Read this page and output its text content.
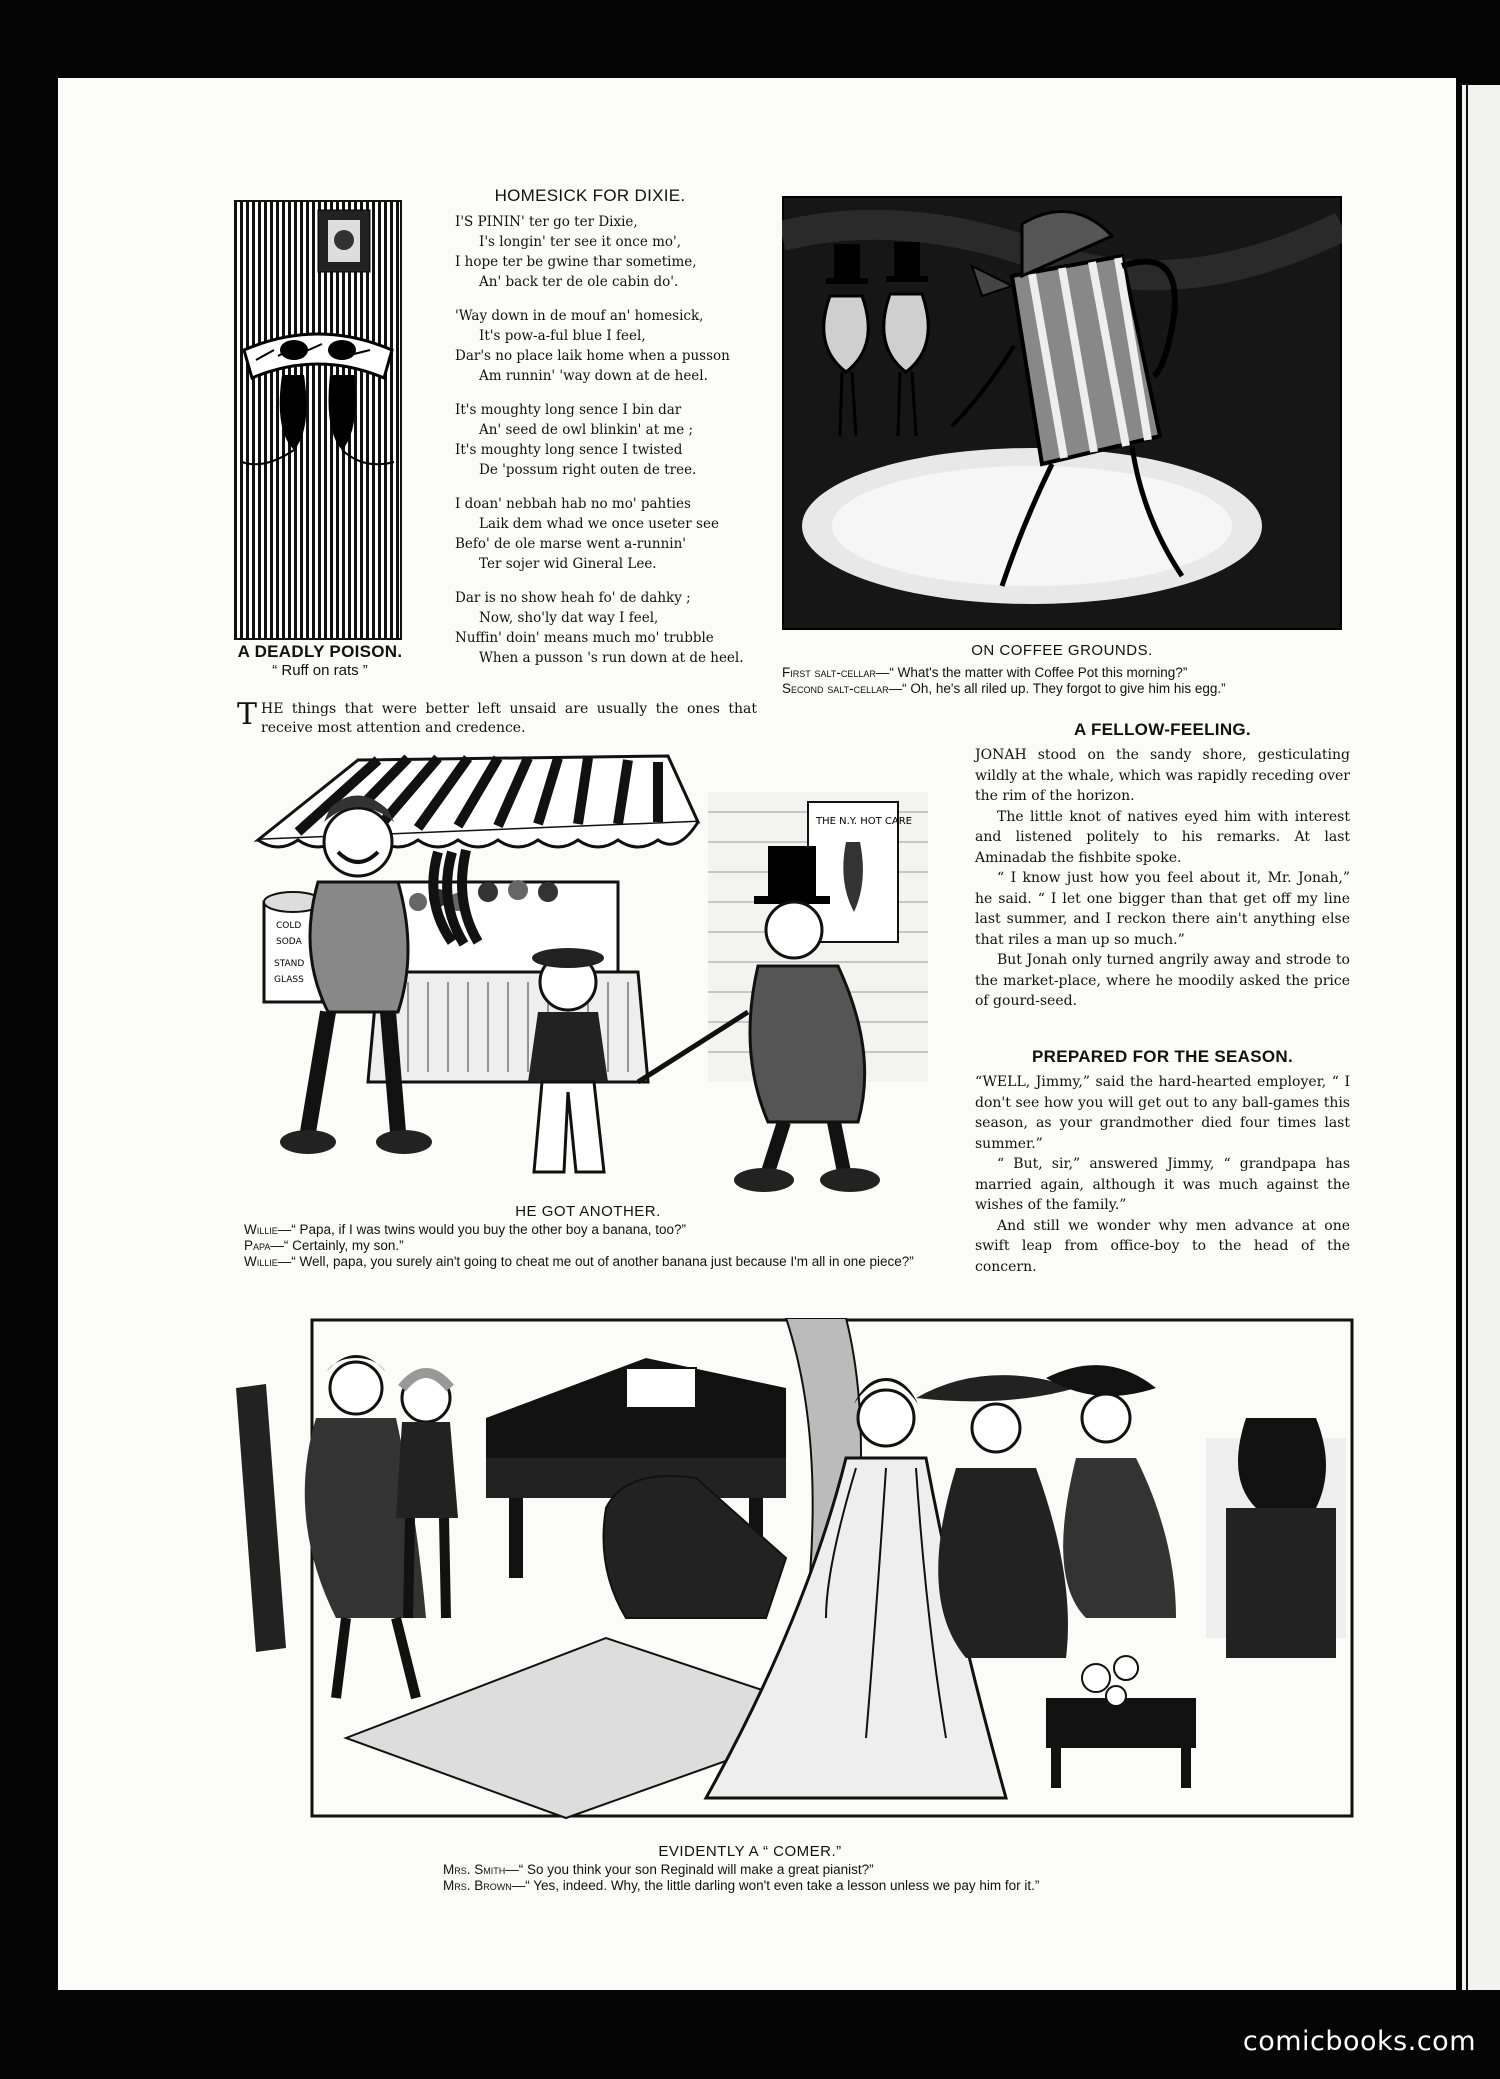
A DEADLY POISON.
“ Ruff on rats ”
HOMESICK FOR DIXIE.
I'S PININ' ter go ter Dixie,
I's longin' ter see it once mo',
I hope ter be gwine thar sometime,
An' back ter de ole cabin do'.
'Way down in de mouf an' homesick,
It's pow-a-ful blue I feel,
Dar's no place laik home when a pusson
Am runnin' 'way down at de heel.
It's moughty long sence I bin dar
An' seed de owl blinkin' at me ;
It's moughty long sence I twisted
De 'possum right outen de tree.
I doan' nebbah hab no mo' pahties
Laik dem whad we once useter see
Befo' de ole marse went a-runnin'
Ter sojer wid Gineral Lee.
Dar is no show heah fo' de dahky ;
Now, sho'ly dat way I feel,
Nuffin' doin' means much mo' trubble
When a pusson 's run down at de heel.	ON COFFEE GROUNDS.
First salt-cellar—“ What's the matter with Coffee Pot this morning?”
Second salt-cellar—“ Oh, he's all riled up. They forgot to give him his egg.”
THE things that were better left unsaid are usually the ones that receive most attention and credence.
THE N.Y. HOT CARE
COLD
SODA
STAND
GLASS
HE GOT ANOTHER.
Willie—“ Papa, if I was twins would you buy the other boy a banana, too?”
Papa—“ Certainly, my son.”
Willie—“ Well, papa, you surely ain't going to cheat me out of another banana just because I'm all in one piece?”
A FELLOW-FEELING.

JONAH stood on the sandy shore, gesticulating wildly at the whale, which was rapidly receding over the rim of the horizon.

The little knot of natives eyed him with interest and listened politely to his remarks. At last Aminadab the fishbite spoke.

“ I know just how you feel about it, Mr. Jonah,” he said. “ I let one bigger than that get off my line last summer, and I reckon there ain't anything else that riles a man up so much.”

But Jonah only turned angrily away and strode to the market-place, where he moodily asked the price of gourd-seed.

PREPARED FOR THE SEASON.

“WELL, Jimmy,” said the hard-hearted employer, “ I don't see how you will get out to any ball-games this season, as your grandmother died four times last summer.”

“ But, sir,” answered Jimmy, “ grandpapa has married again, although it was much against the wishes of the family.”

And still we wonder why men advance at one swift leap from office-boy to the head of the concern.

EVIDENTLY A “ COMER.”
Mrs. Smith—“ So you think your son Reginald will make a great pianist?”
Mrs. Brown—“ Yes, indeed. Why, the little darling won't even take a lesson unless we pay him for it.”
comicbooks.com
